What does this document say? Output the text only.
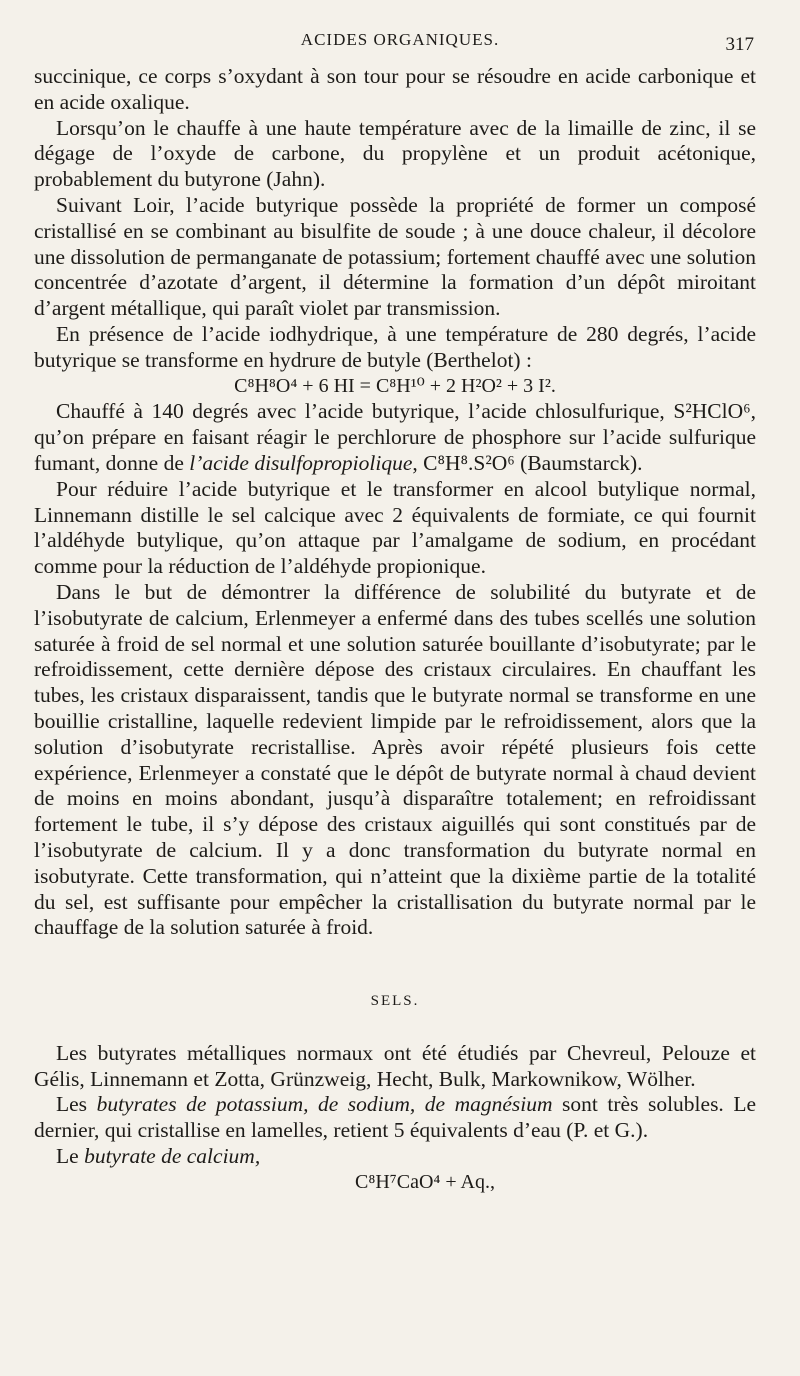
ACIDES ORGANIQUES.	317

succinique, ce corps s’oxydant à son tour pour se résoudre en acide carbonique et en acide oxalique.

Lorsqu’on le chauffe à une haute température avec de la limaille de zinc, il se dégage de l’oxyde de carbone, du propylène et un produit acétonique, probablement du butyrone (Jahn).

Suivant Loir, l’acide butyrique possède la propriété de former un composé cristallisé en se combinant au bisulfite de soude ; à une douce chaleur, il décolore une dissolution de permanganate de potassium; fortement chauffé avec une solution concentrée d’azotate d’argent, il détermine la formation d’un dépôt miroitant d’argent métallique, qui paraît violet par transmission.

En présence de l’acide iodhydrique, à une température de 280 degrés, l’acide butyrique se transforme en hydrure de butyle (Berthelot) :

C⁸H⁸O⁴ + 6 HI = C⁸H¹⁰ + 2 H²O² + 3 I².

Chauffé à 140 degrés avec l’acide butyrique, l’acide chlosulfurique, S²HClO⁶, qu’on prépare en faisant réagir le perchlorure de phosphore sur l’acide sulfurique fumant, donne de l’acide disulfopropiolique, C⁸H⁸.S²O⁶ (Baumstarck).

Pour réduire l’acide butyrique et le transformer en alcool butylique normal, Linnemann distille le sel calcique avec 2 équivalents de formiate, ce qui fournit l’aldéhyde butylique, qu’on attaque par l’amalgame de sodium, en procédant comme pour la réduction de l’aldéhyde propionique.

Dans le but de démontrer la différence de solubilité du butyrate et de l’isobutyrate de calcium, Erlenmeyer a enfermé dans des tubes scellés une solution saturée à froid de sel normal et une solution saturée bouillante d’isobutyrate; par le refroidissement, cette dernière dépose des cristaux circulaires. En chauffant les tubes, les cristaux disparaissent, tandis que le butyrate normal se transforme en une bouillie cristalline, laquelle redevient limpide par le refroidissement, alors que la solution d’isobutyrate recristallise. Après avoir répété plusieurs fois cette expérience, Erlenmeyer a constaté que le dépôt de butyrate normal à chaud devient de moins en moins abondant, jusqu’à disparaître totalement; en refroidissant fortement le tube, il s’y dépose des cristaux aiguillés qui sont constitués par de l’isobutyrate de calcium. Il y a donc transformation du butyrate normal en isobutyrate. Cette transformation, qui n’atteint que la dixième partie de la totalité du sel, est suffisante pour empêcher la cristallisation du butyrate normal par le chauffage de la solution saturée à froid.

SELS.

Les butyrates métalliques normaux ont été étudiés par Chevreul, Pelouze et Gélis, Linnemann et Zotta, Grünzweig, Hecht, Bulk, Markownikow, Wölher.

Les butyrates de potassium, de sodium, de magnésium sont très solubles. Le dernier, qui cristallise en lamelles, retient 5 équivalents d’eau (P. et G.).

Le butyrate de calcium,

C⁸H⁷CaO⁴ + Aq.,
